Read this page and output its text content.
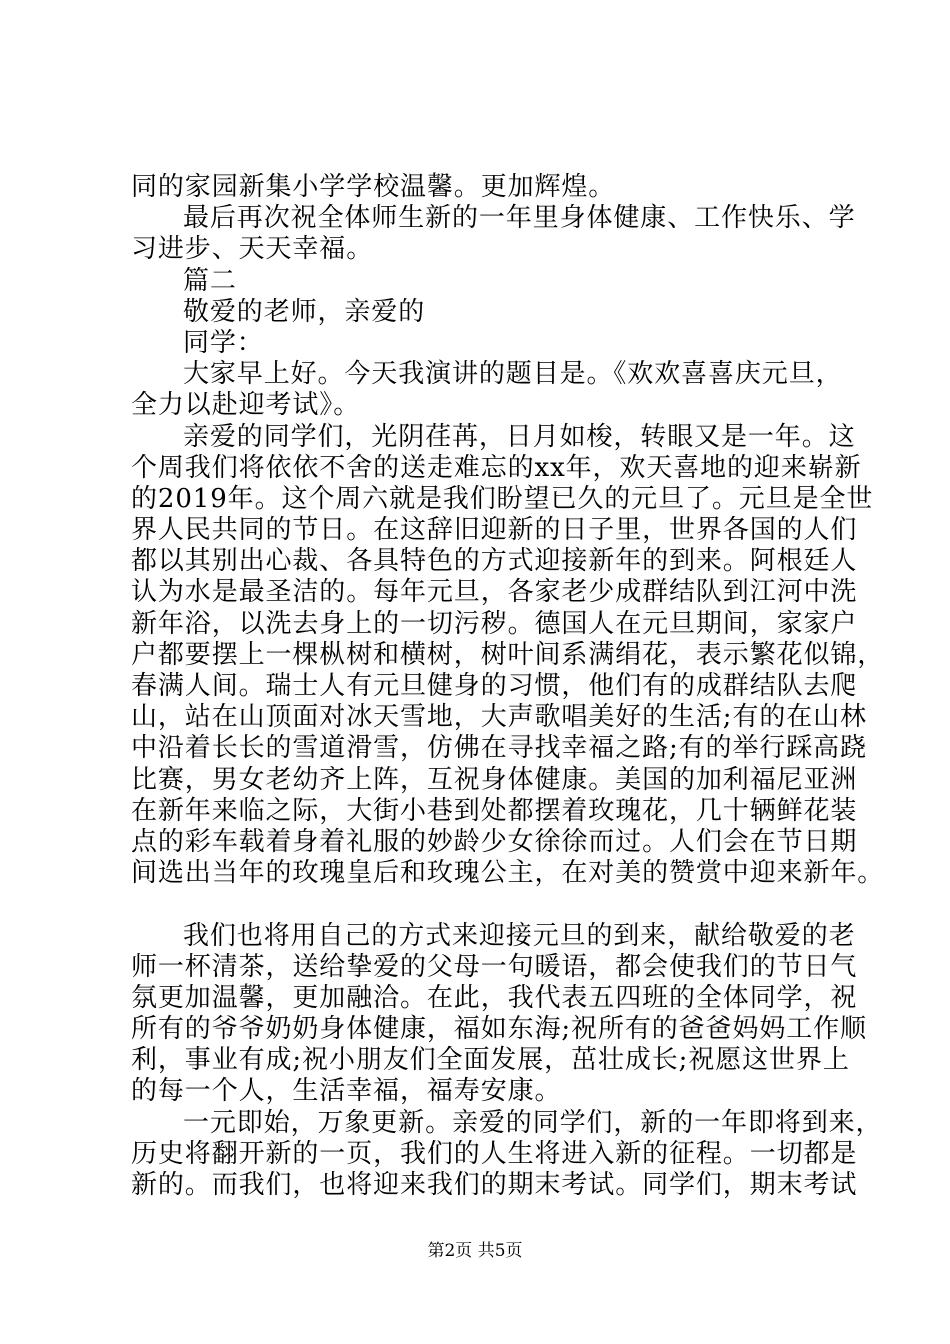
同的家园新集小学学校温馨。更加辉煌。
最后再次祝全体师生新的一年里身体健康、工作快乐、学
习进步、天天幸福。
篇二
敬爱的老师，亲爱的
同学：
大家早上好。今天我演讲的题目是。《欢欢喜喜庆元旦，
全力以赴迎考试》。
亲爱的同学们，光阴荏苒，日月如梭，转眼又是一年。这
个周我们将依依不舍的送走难忘的xx年，欢天喜地的迎来崭新
的2019年。这个周六就是我们盼望已久的元旦了。元旦是全世
界人民共同的节日。在这辞旧迎新的日子里，世界各国的人们
都以其别出心裁、各具特色的方式迎接新年的到来。阿根廷人
认为水是最圣洁的。每年元旦，各家老少成群结队到江河中洗
新年浴，以洗去身上的一切污秽。德国人在元旦期间，家家户
户都要摆上一棵枞树和横树，树叶间系满绢花，表示繁花似锦，
春满人间。瑞士人有元旦健身的习惯，他们有的成群结队去爬
山，站在山顶面对冰天雪地，大声歌唱美好的生活;有的在山林
中沿着长长的雪道滑雪，仿佛在寻找幸福之路;有的举行踩高跷
比赛，男女老幼齐上阵，互祝身体健康。美国的加利福尼亚洲
在新年来临之际，大街小巷到处都摆着玫瑰花，几十辆鲜花装
点的彩车载着身着礼服的妙龄少女徐徐而过。人们会在节日期
间选出当年的玫瑰皇后和玫瑰公主，在对美的赞赏中迎来新年。
我们也将用自己的方式来迎接元旦的到来，献给敬爱的老
师一杯清茶，送给挚爱的父母一句暖语，都会使我们的节日气
氛更加温馨，更加融洽。在此，我代表五四班的全体同学，祝
所有的爷爷奶奶身体健康，福如东海;祝所有的爸爸妈妈工作顺
利，事业有成;祝小朋友们全面发展，茁壮成长;祝愿这世界上
的每一个人，生活幸福，福寿安康。
一元即始，万象更新。亲爱的同学们，新的一年即将到来，
历史将翻开新的一页，我们的人生将进入新的征程。一切都是
新的。而我们，也将迎来我们的期末考试。同学们，期末考试
第2页 共5页
